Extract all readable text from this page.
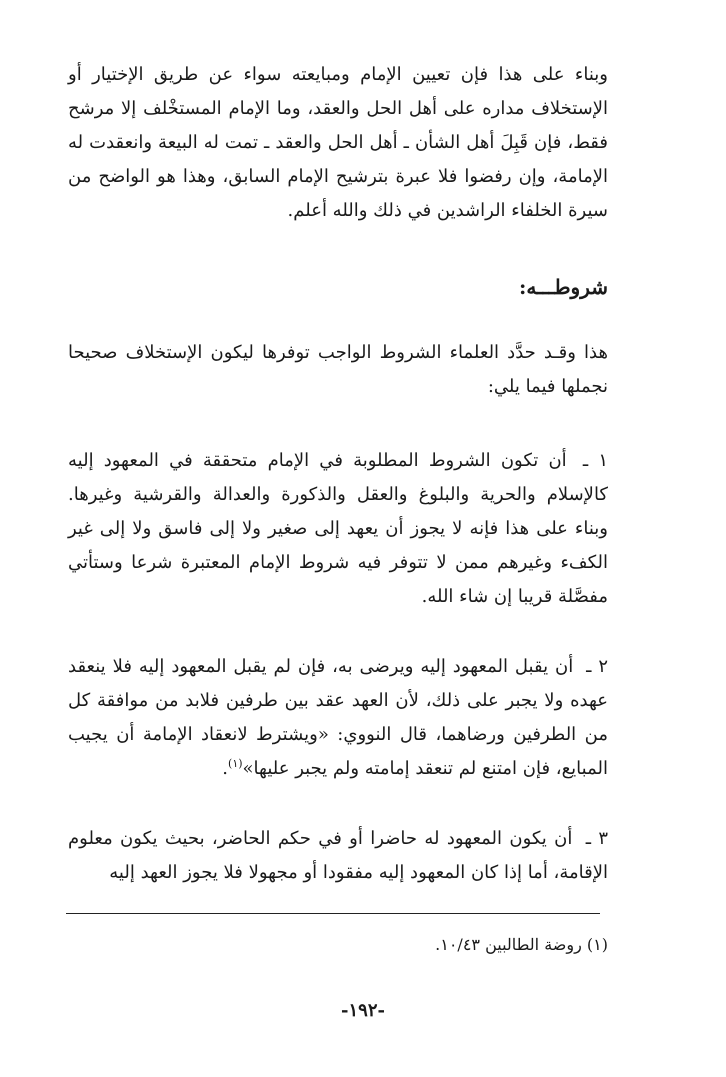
وبناء على هذا فإن تعيين الإمام ومبايعته سواء عن طريق الإختيار أو الإستخلاف مداره على أهل الحل والعقد، وما الإمام المستخْلف إلا مرشح فقط، فإن قَبِلَ أهل الشأن ـ أهل الحل والعقد ـ تمت له البيعة وانعقدت له الإمامة، وإن رفضوا فلا عبرة بترشيح الإمام السابق، وهذا هو الواضح من سيرة الخلفاء الراشدين في ذلك والله أعلم.

شروطـــه:

هذا وقـد حدَّد العلماء الشروط الواجب توفرها ليكون الإستخلاف صحيحا نجملها فيما يلي:

١ ـ أن تكون الشروط المطلوبة في الإمام متحققة في المعهود إليه كالإسلام والحرية والبلوغ والعقل والذكورة والعدالة والقرشية وغيرها. وبناء على هذا فإنه لا يجوز أن يعهد إلى صغير ولا إلى فاسق ولا إلى غير الكفء وغيرهم ممن لا تتوفر فيه شروط الإمام المعتبرة شرعا وستأتي مفصَّلة قريبا إن شاء الله.

٢ ـ أن يقبل المعهود إليه ويرضى به، فإن لم يقبل المعهود إليه فلا ينعقد عهده ولا يجبر على ذلك، لأن العهد عقد بين طرفين فلابد من موافقة كل من الطرفين ورضاهما، قال النووي: «ويشترط لانعقاد الإمامة أن يجيب المبايع، فإن امتنع لم تنعقد إمامته ولم يجبر عليها»$^{(١)}$.

٣ ـ أن يكون المعهود له حاضرا أو في حكم الحاضر، بحيث يكون معلوم الإقامة، أما إذا كان المعهود إليه مفقودا أو مجهولا فلا يجوز العهد إليه

(١) روضة الطالبين ١٠/٤٣.
-١٩٢-
